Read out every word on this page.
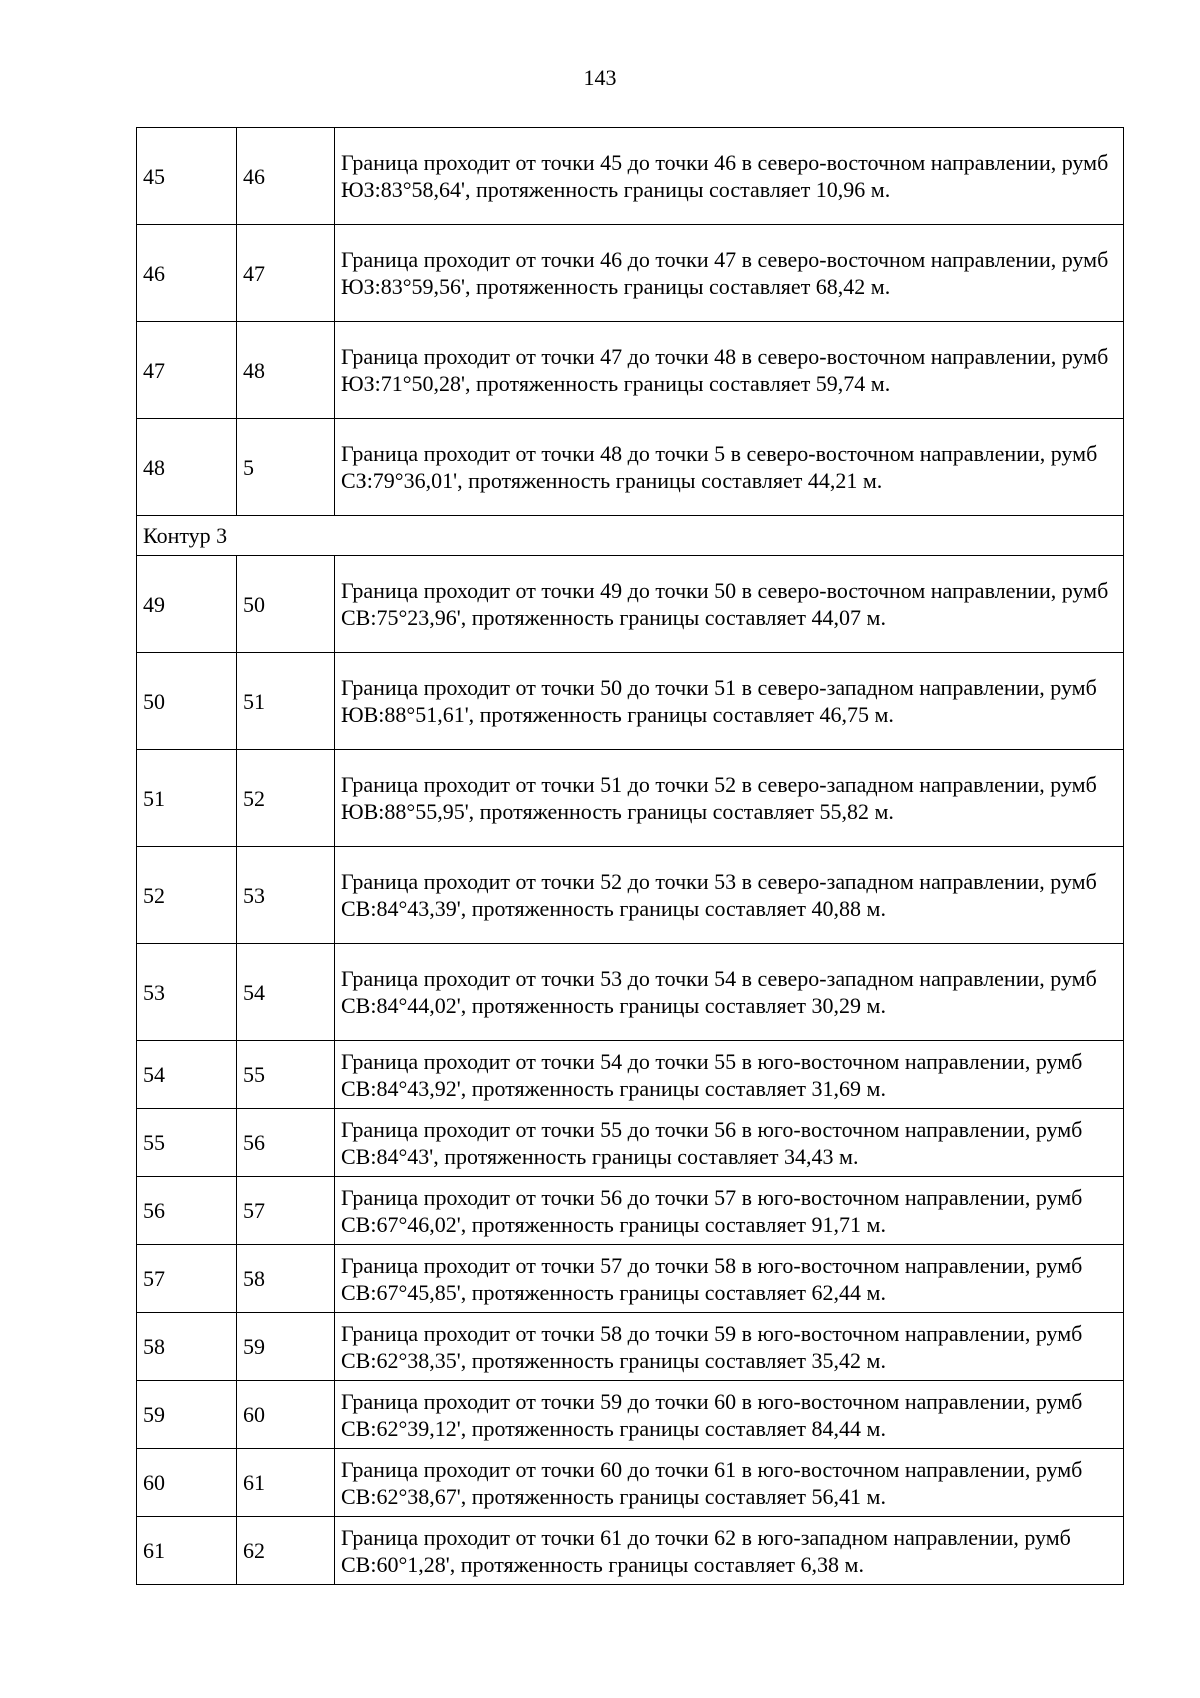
143
45	46	Граница проходит от точки 45 до точки 46 в северо-восточном направлении, румб ЮЗ:83°58,64', протяженность границы составляет 10,96 м.
46	47	Граница проходит от точки 46 до точки 47 в северо-восточном направлении, румб ЮЗ:83°59,56', протяженность границы составляет 68,42 м.
47	48	Граница проходит от точки 47 до точки 48 в северо-восточном направлении, румб ЮЗ:71°50,28', протяженность границы составляет 59,74 м.
48	5	Граница проходит от точки 48 до точки 5 в северо-восточном направлении, румб СЗ:79°36,01', протяженность границы составляет 44,21 м.
Контур 3		
49	50	Граница проходит от точки 49 до точки 50 в северо-восточном направлении, румб СВ:75°23,96', протяженность границы составляет 44,07 м.
50	51	Граница проходит от точки 50 до точки 51 в северо-западном направлении, румб ЮВ:88°51,61', протяженность границы составляет 46,75 м.
51	52	Граница проходит от точки 51 до точки 52 в северо-западном направлении, румб ЮВ:88°55,95', протяженность границы составляет 55,82 м.
52	53	Граница проходит от точки 52 до точки 53 в северо-западном направлении, румб СВ:84°43,39', протяженность границы составляет 40,88 м.
53	54	Граница проходит от точки 53 до точки 54 в северо-западном направлении, румб СВ:84°44,02', протяженность границы составляет 30,29 м.
54	55	Граница проходит от точки 54 до точки 55 в юго-восточном направлении, румб СВ:84°43,92', протяженность границы составляет 31,69 м.
55	56	Граница проходит от точки 55 до точки 56 в юго-восточном направлении, румб СВ:84°43', протяженность границы составляет 34,43 м.
56	57	Граница проходит от точки 56 до точки 57 в юго-восточном направлении, румб СВ:67°46,02', протяженность границы составляет 91,71 м.
57	58	Граница проходит от точки 57 до точки 58 в юго-восточном направлении, румб СВ:67°45,85', протяженность границы составляет 62,44 м.
58	59	Граница проходит от точки 58 до точки 59 в юго-восточном направлении, румб СВ:62°38,35', протяженность границы составляет 35,42 м.
59	60	Граница проходит от точки 59 до точки 60 в юго-восточном направлении, румб СВ:62°39,12', протяженность границы составляет 84,44 м.
60	61	Граница проходит от точки 60 до точки 61 в юго-восточном направлении, румб СВ:62°38,67', протяженность границы составляет 56,41 м.
61	62	Граница проходит от точки 61 до точки 62 в юго-западном направлении, румб СВ:60°1,28', протяженность границы составляет 6,38 м.
